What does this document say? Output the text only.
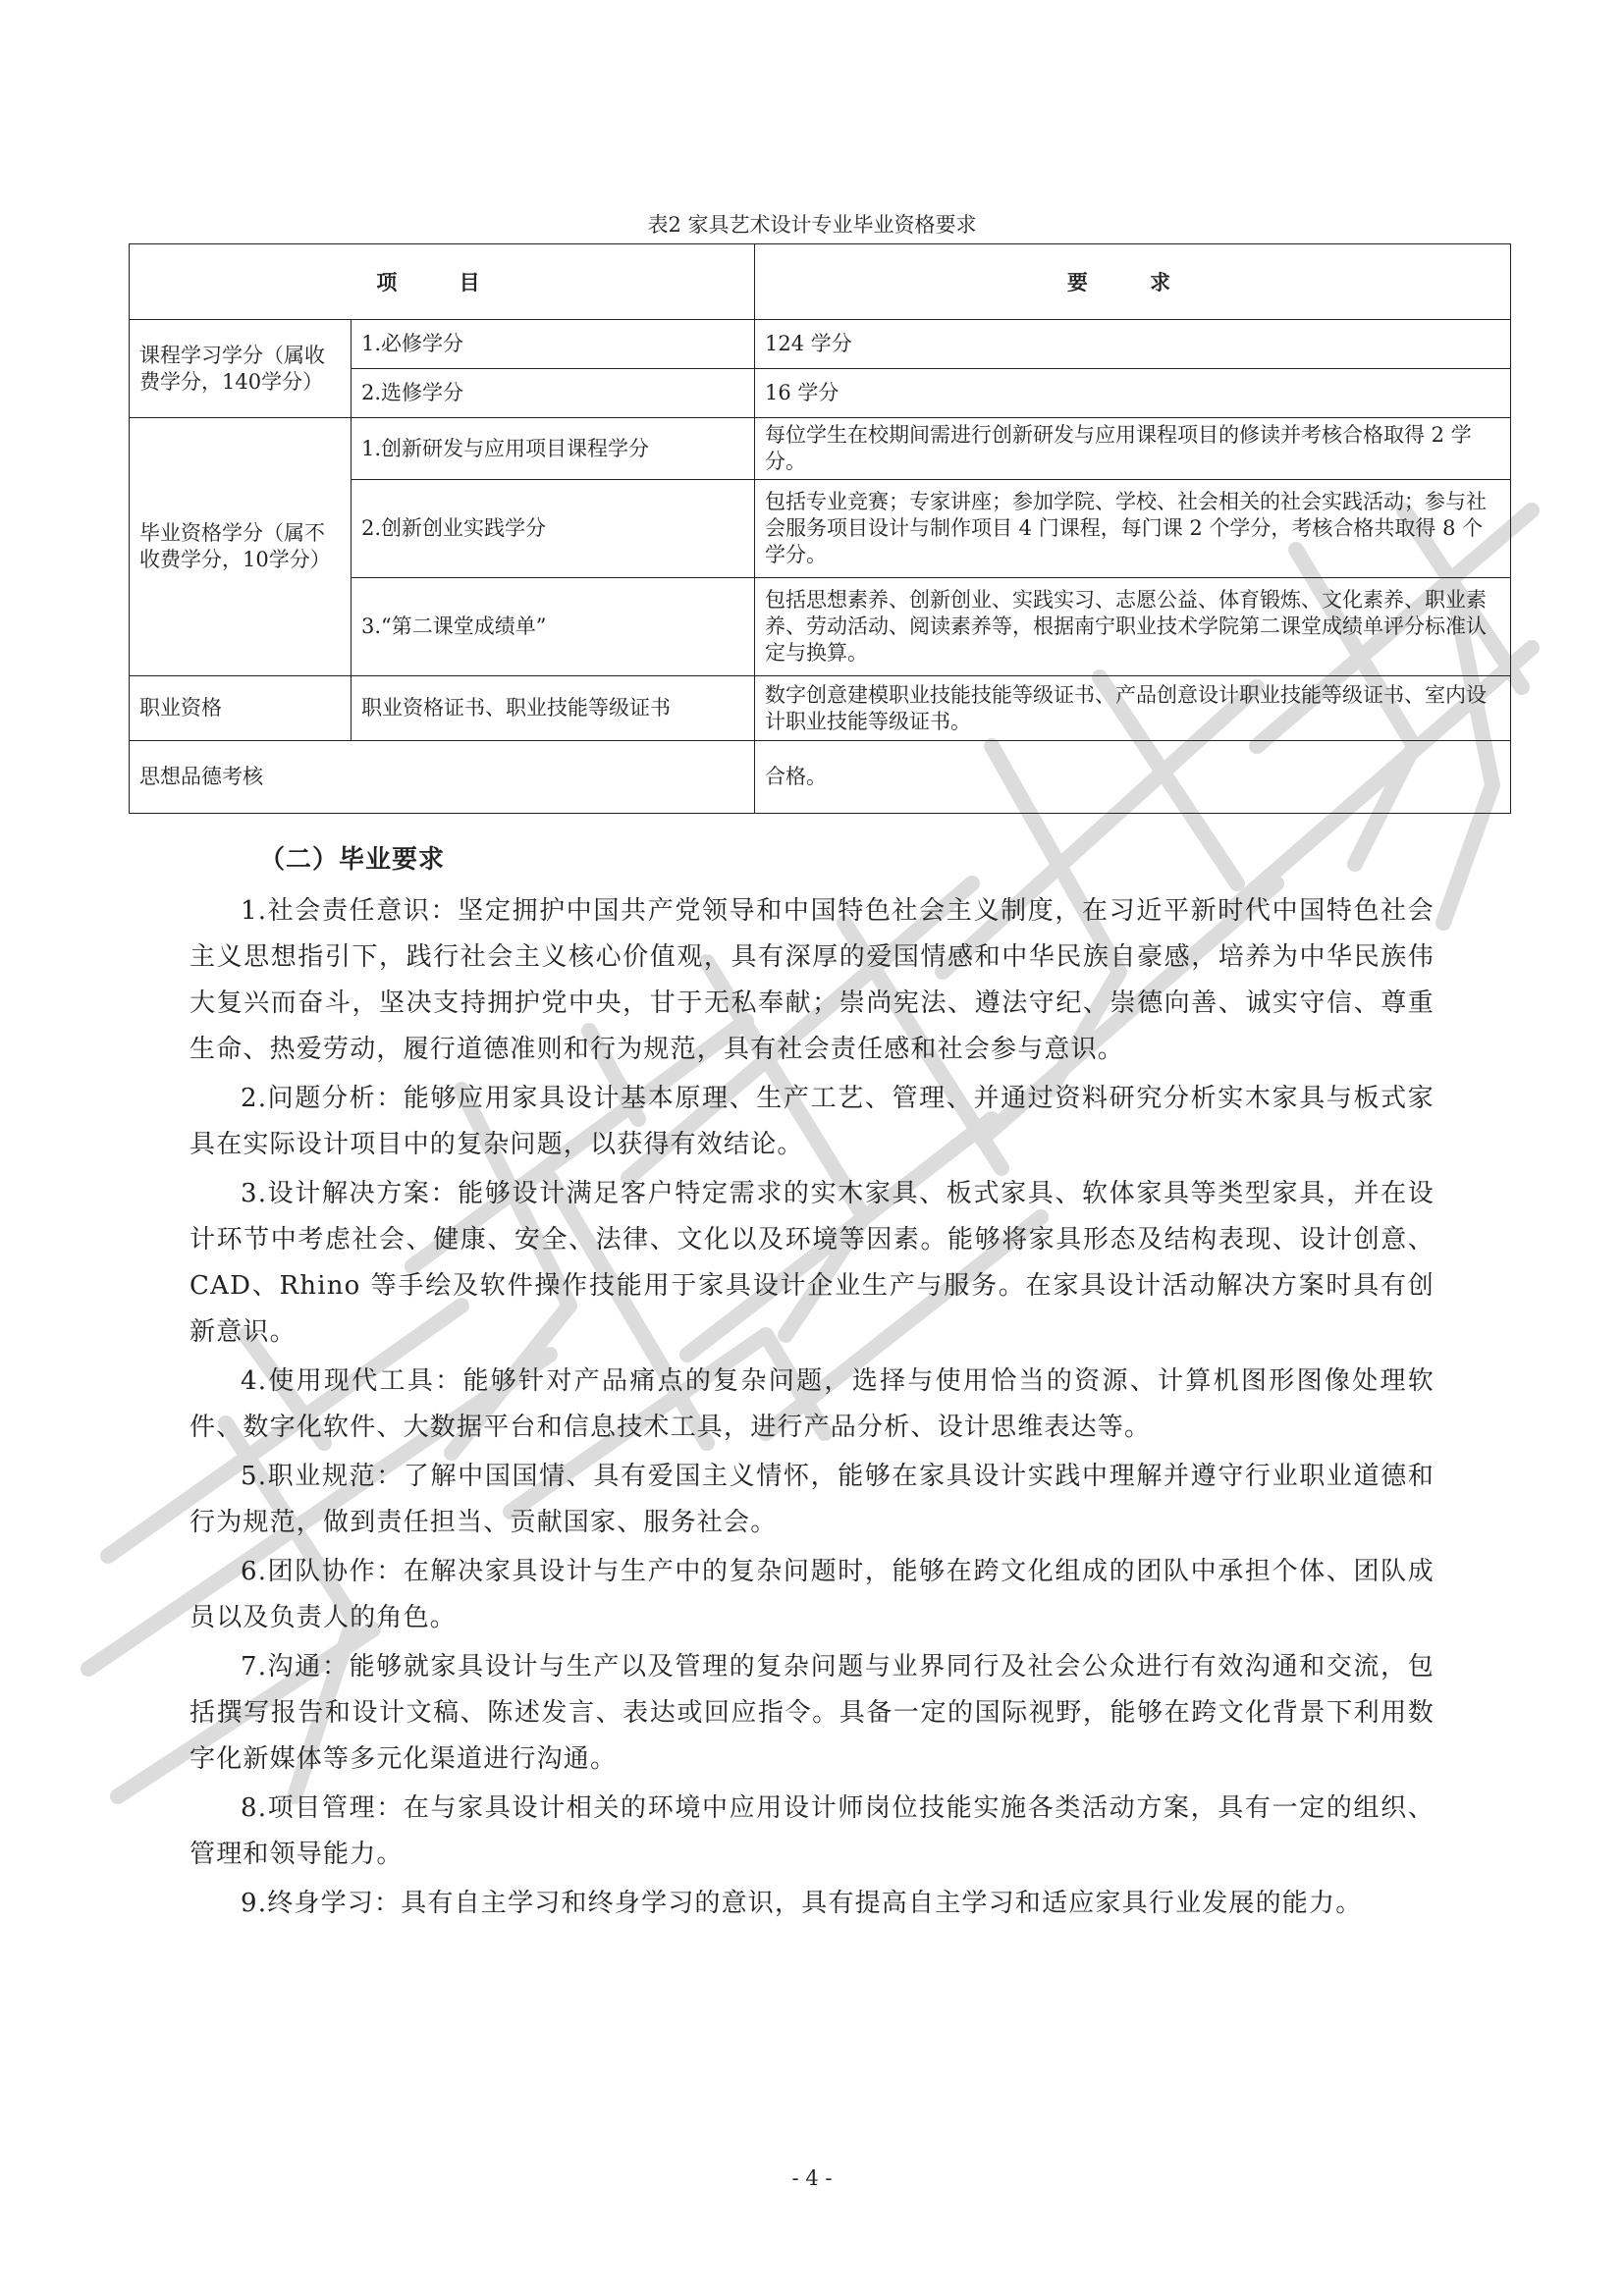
表2 家具艺术设计专业毕业资格要求
项 目		要 求
课程学习学分（属收费学分，140学分）	1.必修学分	124 学分
	2.选修学分	16 学分
毕业资格学分（属不收费学分，10学分）	1.创新研发与应用项目课程学分	每位学生在校期间需进行创新研发与应用课程项目的修读并考核合格取得 2 学分。
	2.创新创业实践学分	包括专业竞赛；专家讲座；参加学院、学校、社会相关的社会实践活动；参与社会服务项目设计与制作项目 4 门课程，每门课 2 个学分，考核合格共取得 8 个学分。
	3.“第二课堂成绩单”	包括思想素养、创新创业、实践实习、志愿公益、体育锻炼、文化素养、职业素养、劳动活动、阅读素养等，根据南宁职业技术学院第二课堂成绩单评分标准认定与换算。
职业资格	职业资格证书、职业技能等级证书	数字创意建模职业技能技能等级证书、产品创意设计职业技能等级证书、室内设计职业技能等级证书。
思想品德考核		合格。
（二）毕业要求

1.社会责任意识：坚定拥护中国共产党领导和中国特色社会主义制度，在习近平新时代中国特色社会主义思想指引下，践行社会主义核心价值观，具有深厚的爱国情感和中华民族自豪感，培养为中华民族伟大复兴而奋斗，坚决支持拥护党中央，甘于无私奉献；崇尚宪法、遵法守纪、崇德向善、诚实守信、尊重生命、热爱劳动，履行道德准则和行为规范，具有社会责任感和社会参与意识。

2.问题分析：能够应用家具设计基本原理、生产工艺、管理、并通过资料研究分析实木家具与板式家具在实际设计项目中的复杂问题，以获得有效结论。

3.设计解决方案：能够设计满足客户特定需求的实木家具、板式家具、软体家具等类型家具，并在设计环节中考虑社会、健康、安全、法律、文化以及环境等因素。能够将家具形态及结构表现、设计创意、CAD、Rhino 等手绘及软件操作技能用于家具设计企业生产与服务。在家具设计活动解决方案时具有创新意识。

4.使用现代工具：能够针对产品痛点的复杂问题，选择与使用恰当的资源、计算机图形图像处理软件、数字化软件、大数据平台和信息技术工具，进行产品分析、设计思维表达等。

5.职业规范：了解中国国情、具有爱国主义情怀，能够在家具设计实践中理解并遵守行业职业道德和行为规范，做到责任担当、贡献国家、服务社会。

6.团队协作：在解决家具设计与生产中的复杂问题时，能够在跨文化组成的团队中承担个体、团队成员以及负责人的角色。

7.沟通：能够就家具设计与生产以及管理的复杂问题与业界同行及社会公众进行有效沟通和交流，包括撰写报告和设计文稿、陈述发言、表达或回应指令。具备一定的国际视野，能够在跨文化背景下利用数字化新媒体等多元化渠道进行沟通。

8.项目管理：在与家具设计相关的环境中应用设计师岗位技能实施各类活动方案，具有一定的组织、管理和领导能力。

9.终身学习：具有自主学习和终身学习的意识，具有提高自主学习和适应家具行业发展的能力。

- 4 -
